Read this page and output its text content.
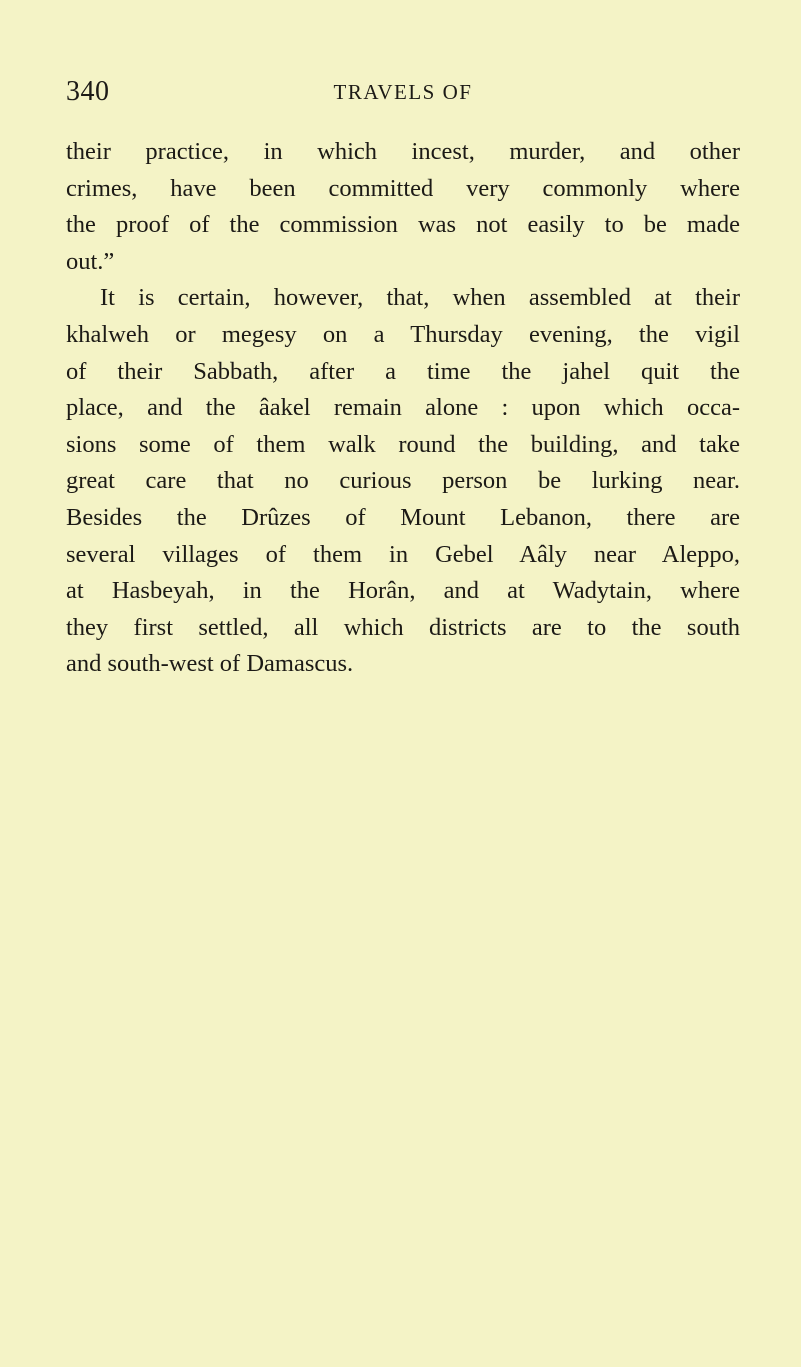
340	TRAVELS OF
their practice, in which incest, murder, and other
crimes, have been committed very commonly where
the proof of the commission was not easily to be made
out.”
It is certain, however, that, when assembled at their
khalweh or megesy on a Thursday evening, the vigil
of their Sabbath, after a time the jahel quit the
place, and the âakel remain alone : upon which occa-
sions some of them walk round the building, and take
great care that no curious person be lurking near.
Besides the Drûzes of Mount Lebanon, there are
several villages of them in Gebel Aâly near Aleppo,
at Hasbeyah, in the Horân, and at Wadytain, where
they first settled, all which districts are to the south
and south-west of Damascus.
